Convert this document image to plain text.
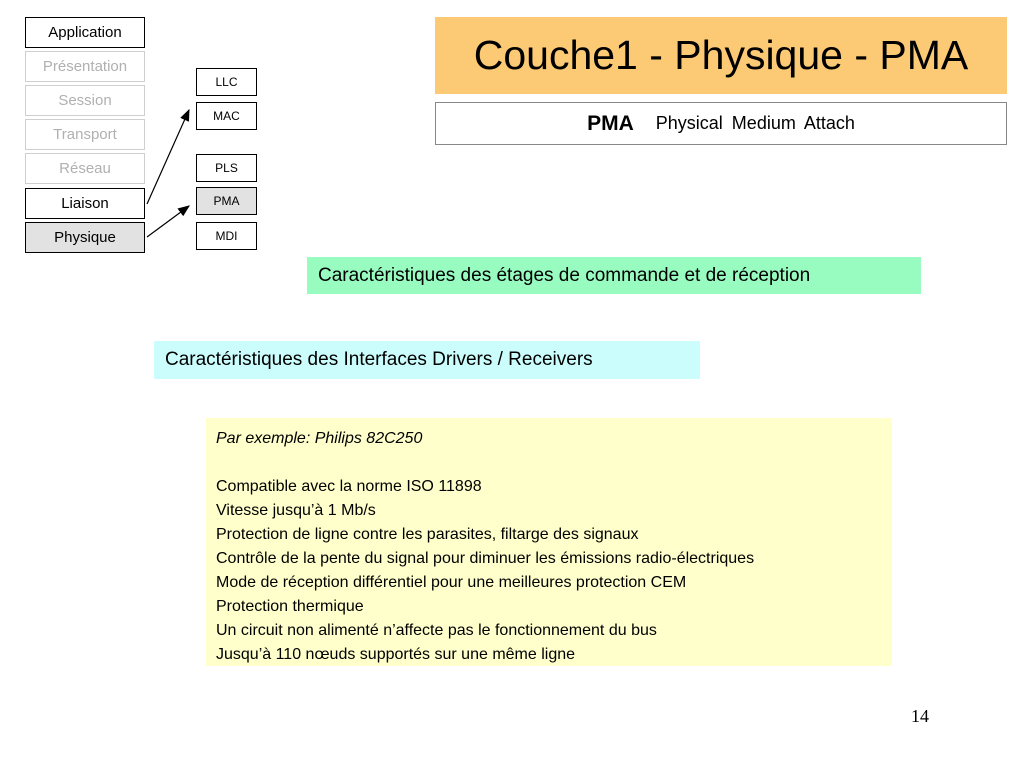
Application
Présentation
Session
Transport
Réseau
Liaison
Physique
LLC
MAC
PLS
PMA
MDI
Couche1 - Physique - PMA
PMA Physical Medium Attach
Caractéristiques des étages de commande et de réception
Caractéristiques des Interfaces Drivers / Receivers
Par exemple: Philips 82C250
Compatible avec la norme ISO 11898
Vitesse jusqu’à 1 Mb/s
Protection de ligne contre les parasites, filtarge des signaux
Contrôle de la pente du signal pour diminuer les émissions radio-électriques
Mode de réception différentiel pour une meilleures protection CEM
Protection thermique
Un circuit non alimenté n’affecte pas le fonctionnement du bus
Jusqu’à 110 nœuds supportés sur une même ligne
14
